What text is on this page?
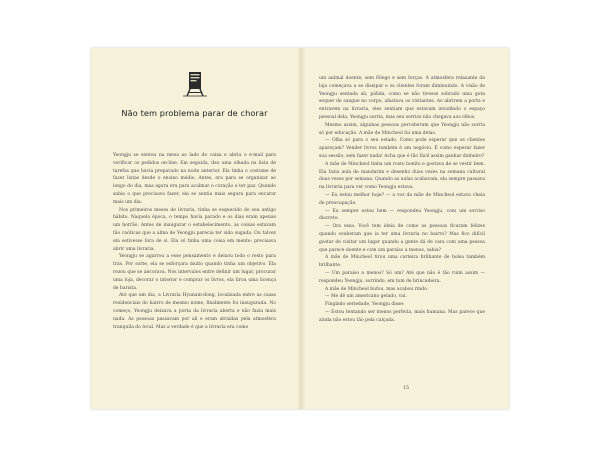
Não tem problema parar de chorar

Yeongju se sentou na mesa ao lado do caixa e abriu o e-mail para verificar os pedidos on-line. Em seguida, deu uma olhada na lista de tarefas que havia preparado na noite anterior. Ela tinha o costume de fazer listas desde o ensino médio. Antes, era para se organizar ao longo do dia, mas agora era para acalmar o coração e ter paz. Quando sabia o que precisava fazer, ela se sentia mais segura para encarar mais um dia.

Nos primeiros meses de livraria, tinha se esquecido do seu antigo hábito. Naquela época, o tempo havia parado e os dias eram apenas um borrão. Antes de inaugurar o estabelecimento, as coisas estavam tão caóticas que a alma de Yeongju parecia ter sido sugada. Ou talvez ela estivesse fora de si. Ela só tinha uma coisa em mente: precisava abrir uma livraria.

Yeongju se agarrou a esse pensamento e deixou todo o resto para trás. Por sorte, ela se esforçara muito quando tinha um objetivo. Ela rezou que se ancorava. Nos intervalos entre definir um lugar, procurar uma loja, decorar o interior e comprar os livros, ela tirou uma licença de barista.

Até que um dia, a Livraria Hyunam-dong, localizada entre as casas residenciais do bairro de mesmo nome, finalmente foi inaugurada. No começo, Yeongju deixava a porta da livraria aberta e não fazia mais nada. As pessoas passavam por ali e eram atraídas pela atmosfera tranquila do local. Mas a verdade é que a livraria era como

um animal doente, sem fôlego e sem forças. A atmosfera relaxante da loja começava a se dissipar e os clientes foram diminuindo. A visão de Yeongju sentada ali, pálida, como se não tivesse sobrado uma gota sequer de sangue no corpo, afastava os visitantes. Ao abrirem a porta e entrarem na livraria, eles sentiam que estavam invadindo o espaço pessoal dela. Yeongju sorria, mas seu sorriso não chegava aos olhos.

Mesmo assim, algumas pessoas perceberam que Yeongju não sorria só por educação. A mãe de Mincheol foi uma delas.

— Olha só para o seu estado. Como pode esperar que os clientes apareçam? Vender livros também é um negócio. É como esperar fazer sua sessão, sem fazer nada! Acha que é tão fácil assim ganhar dinheiro?

A mãe de Mincheol tinha um rosto bonito e gostava de se vestir bem. Ela fazia aula de mandarim e desenho duas vezes na semana cultural duas vezes por semana. Quando as aulas acabavam, ela sempre passava na livraria para ver como Yeongju estava.

— Eu estou melhor hoje? — a voz da mãe de Mincheol estava cheia de preocupação.

— Eu sempre estou bem — respondeu Yeongju, com um sorriso discreto.

— Ora essa. Você tem ideia de como as pessoas ficaram felizes quando souberam que ia ter uma livraria no bairro? Mas fico difícil gostar de visitar um lugar quando a gente dá de cara com uma pessoa que parece doente e com um paraíso a menos, sabia?

A mãe de Mincheol tirou uma carteira brilhante de bolsa também brilhante.

— Um paraíso a menos? Só um? Até que não é tão ruim assim — respondeu Yeongju, sorrindo, em tom de brincadeira.

A mãe de Mincheol bufou, mas acabou rindo.

— Me dê um americano gelado, vai.

Fingindo seriedade, Yeongju disse:

— Estou tentando ser menos perfeita, mais humana. Mas parece que ainda não estou tão pela calçada.

15
